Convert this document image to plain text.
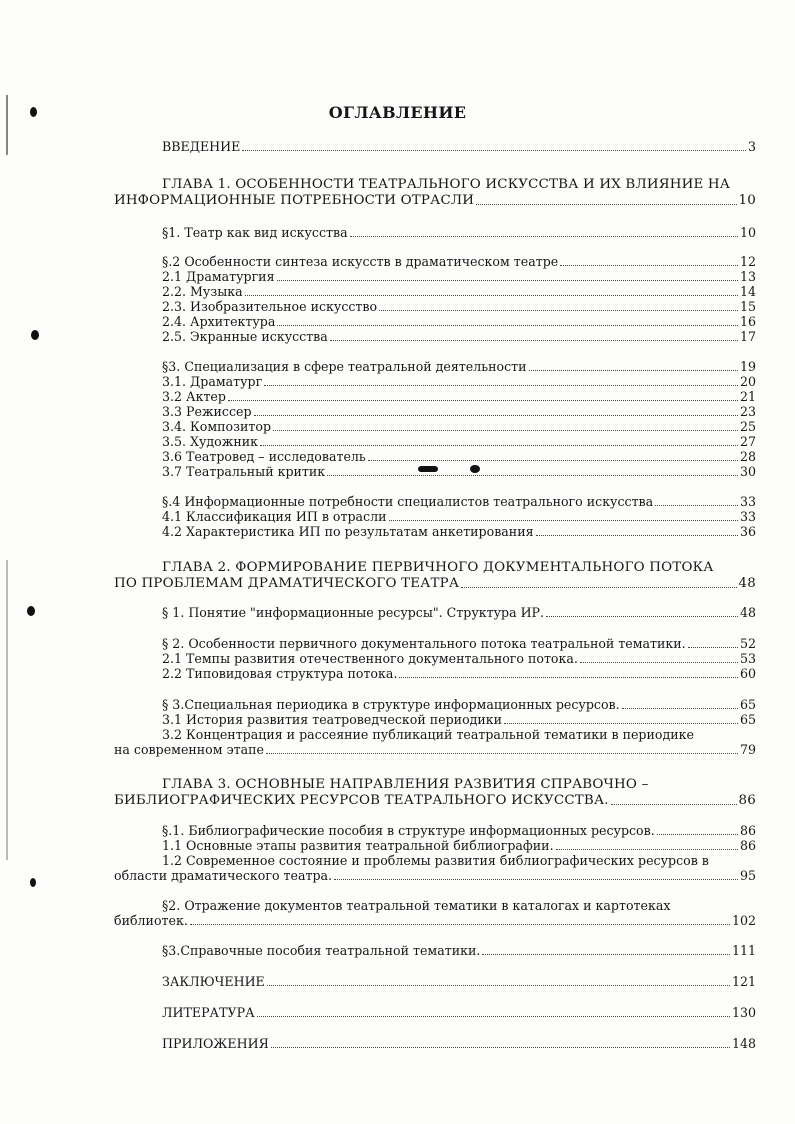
ОГЛАВЛЕНИЕ
ВВЕДЕНИЕ	3
ГЛАВА 1. ОСОБЕННОСТИ ТЕАТРАЛЬНОГО ИСКУССТВА И ИХ ВЛИЯНИЕ НА
ИНФОРМАЦИОННЫЕ ПОТРЕБНОСТИ ОТРАСЛИ	10
§1. Театр как вид искусства	10
§.2 Особенности синтеза искусств в драматическом театре	12
2.1 Драматургия	13
2.2. Музыка	14
2.3. Изобразительное искусство	15
2.4. Архитектура	16
2.5. Экранные искусства	17
§3. Специализация в сфере театральной деятельности	19
3.1. Драматург	20
3.2 Актер	21
3.3 Режиссер	23
3.4. Композитор	25
3.5. Художник	27
3.6 Театровед – исследователь	28
3.7 Театральный критик	30
§.4 Информационные потребности специалистов театрального искусства	33
4.1 Классификация ИП в отрасли	33
4.2 Характеристика ИП по результатам анкетирования	36
ГЛАВА 2. ФОРМИРОВАНИЕ ПЕРВИЧНОГО ДОКУМЕНТАЛЬНОГО ПОТОКА
ПО ПРОБЛЕМАМ ДРАМАТИЧЕСКОГО ТЕАТРА	48
§ 1. Понятие "информационные ресурсы". Структура ИР.	48
§ 2. Особенности первичного документального потока театральной тематики.	52
2.1 Темпы развития отечественного документального потока.	53
2.2 Типовидовая структура потока.	60
§ 3.Специальная периодика в структуре информационных ресурсов.	65
3.1 История развития театроведческой периодики	65
3.2 Концентрация и рассеяние публикаций театральной тематики в периодике
на современном этапе	79
ГЛАВА 3. ОСНОВНЫЕ НАПРАВЛЕНИЯ РАЗВИТИЯ СПРАВОЧНО –
БИБЛИОГРАФИЧЕСКИХ РЕСУРСОВ ТЕАТРАЛЬНОГО ИСКУССТВА.	86
§.1. Библиографические пособия в структуре информационных ресурсов.	86
1.1 Основные этапы развития театральной библиографии.	86
1.2 Современное состояние и проблемы развития библиографических ресурсов в
области драматического театра.	95
§2. Отражение документов театральной тематики в каталогах и картотеках
библиотек.	102
§3.Справочные пособия театральной тематики.	111
ЗАКЛЮЧЕНИЕ	121
ЛИТЕРАТУРА	130
ПРИЛОЖЕНИЯ	148
